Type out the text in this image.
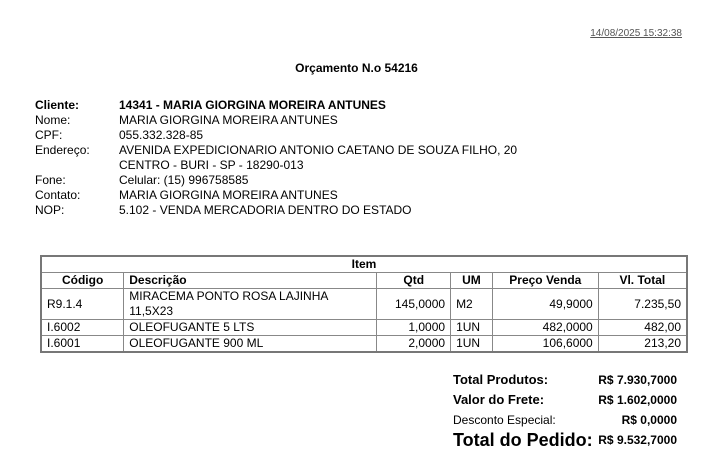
14/08/2025 15:32:38
Orçamento N.o 54216
Cliente:	14341 - MARIA GIORGINA MOREIRA ANTUNES
Nome:	MARIA GIORGINA MOREIRA ANTUNES
CPF:	055.332.328-85
Endereço:	AVENIDA EXPEDICIONARIO ANTONIO CAETANO DE SOUZA FILHO, 20
CENTRO - BURI - SP - 18290-013
Fone:	Celular: (15) 996758585
Contato:	MARIA GIORGINA MOREIRA ANTUNES
NOP:	5.102 - VENDA MERCADORIA DENTRO DO ESTADO
Item					
Código	Descrição	Qtd	UM	Preço Venda	Vl. Total
R9.1.4	MIRACEMA PONTO ROSA LAJINHA 11,5X23	145,0000	M2	49,9000	7.235,50
I.6002	OLEOFUGANTE 5 LTS	1,0000	1UN	482,0000	482,00
I.6001	OLEOFUGANTE 900 ML	2,0000	1UN	106,6000	213,20
Total Produtos:	R$ 7.930,7000
Valor do Frete:	R$ 1.602,0000
Desconto Especial:	R$ 0,0000
Total do Pedido: R$ 9.532,7000
